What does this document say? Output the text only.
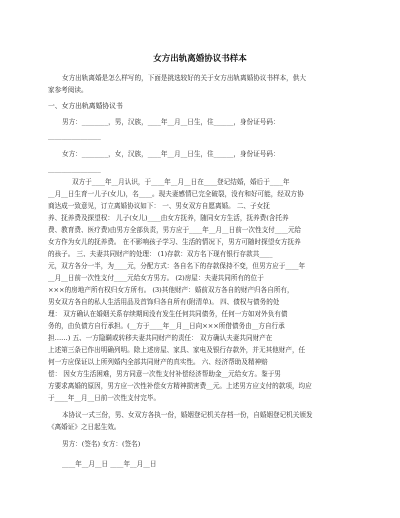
女方出轨离婚协议书样本
女方出轨离婚是怎么样写的，下面是挑选较好的关于女方出轨离婚协议书样本，供大
家参考阅读。
一、女方出轨离婚协议书
男方：________，男，汉族，____年__月__日生，住______，身份证号码：
________________
女方：________，女，汉族，____年__月__日生，住______，身份证号码：
________________
双方于____年__月认识，于____年__月__日在____登记结婚，婚后于____年
__月__日生育一儿子(女儿)，名____。现夫妻感情已完全破裂，没有和好可能，经双方协
商达成一致意见，订立离婚协议如下： 一、男女双方自愿离婚。 二、子女抚
养、抚养费及探望权： 儿子(女儿)____由女方抚养，随同女方生活，抚养费(含托养
费、教育费、医疗费)由男方全部负责，男方应于____年__月__日前一次性支付____元给
女方作为女儿的抚养费。 在不影响孩子学习、生活的情况下，男方可随时探望女方抚养
的孩子。 三、夫妻共同财产的处理： (1)存款：双方名下现有银行存款共____
元，双方各分一半，为____元，分配方式：各自名下的存款保持不变，但男方应于____年
__月__日前一次性支付____元给女方男方。 (2)房屋：夫妻共同所有的位于
×××的房地产所有权归女方所有。 (3)其他财产：婚前双方各自的财产归各自所有，
男女双方各自的私人生活用品及首饰归各自所有(附清单)。 四、债权与债务的处
理： 双方确认在婚姻关系存续期间没有发生任何共同债务，任何一方如对外负有债
务的，由负债方自行承担。(__方于____年__月__日向×××所借债务由__方自行承
担……) 五、一方隐瞒或转移夫妻共同财产的责任： 双方确认夫妻共同财产在
上述第三条已作出明确列明。除上述房屋、家具、家电及银行存款外，并无其他财产，任
何一方应保证以上所列婚内全部共同财产的真实性。 六、经济帮助及精神赔
偿： 因女方生活困难，男方同意一次性支付补偿经济帮助金__元给女方。鉴于男
方要求离婚的原因，男方应一次性补偿女方精神损害费__元。上述男方应支付的款项，均应
于____年__月__日前一次性支付完毕。
本协议一式三份，男、女双方各执一份，婚姻登记机关存档一份，自婚姻登记机关颁发
《离婚证》之日起生效。
男方：(签名) 女方：(签名)
____年__月__日 ____年__月__日
